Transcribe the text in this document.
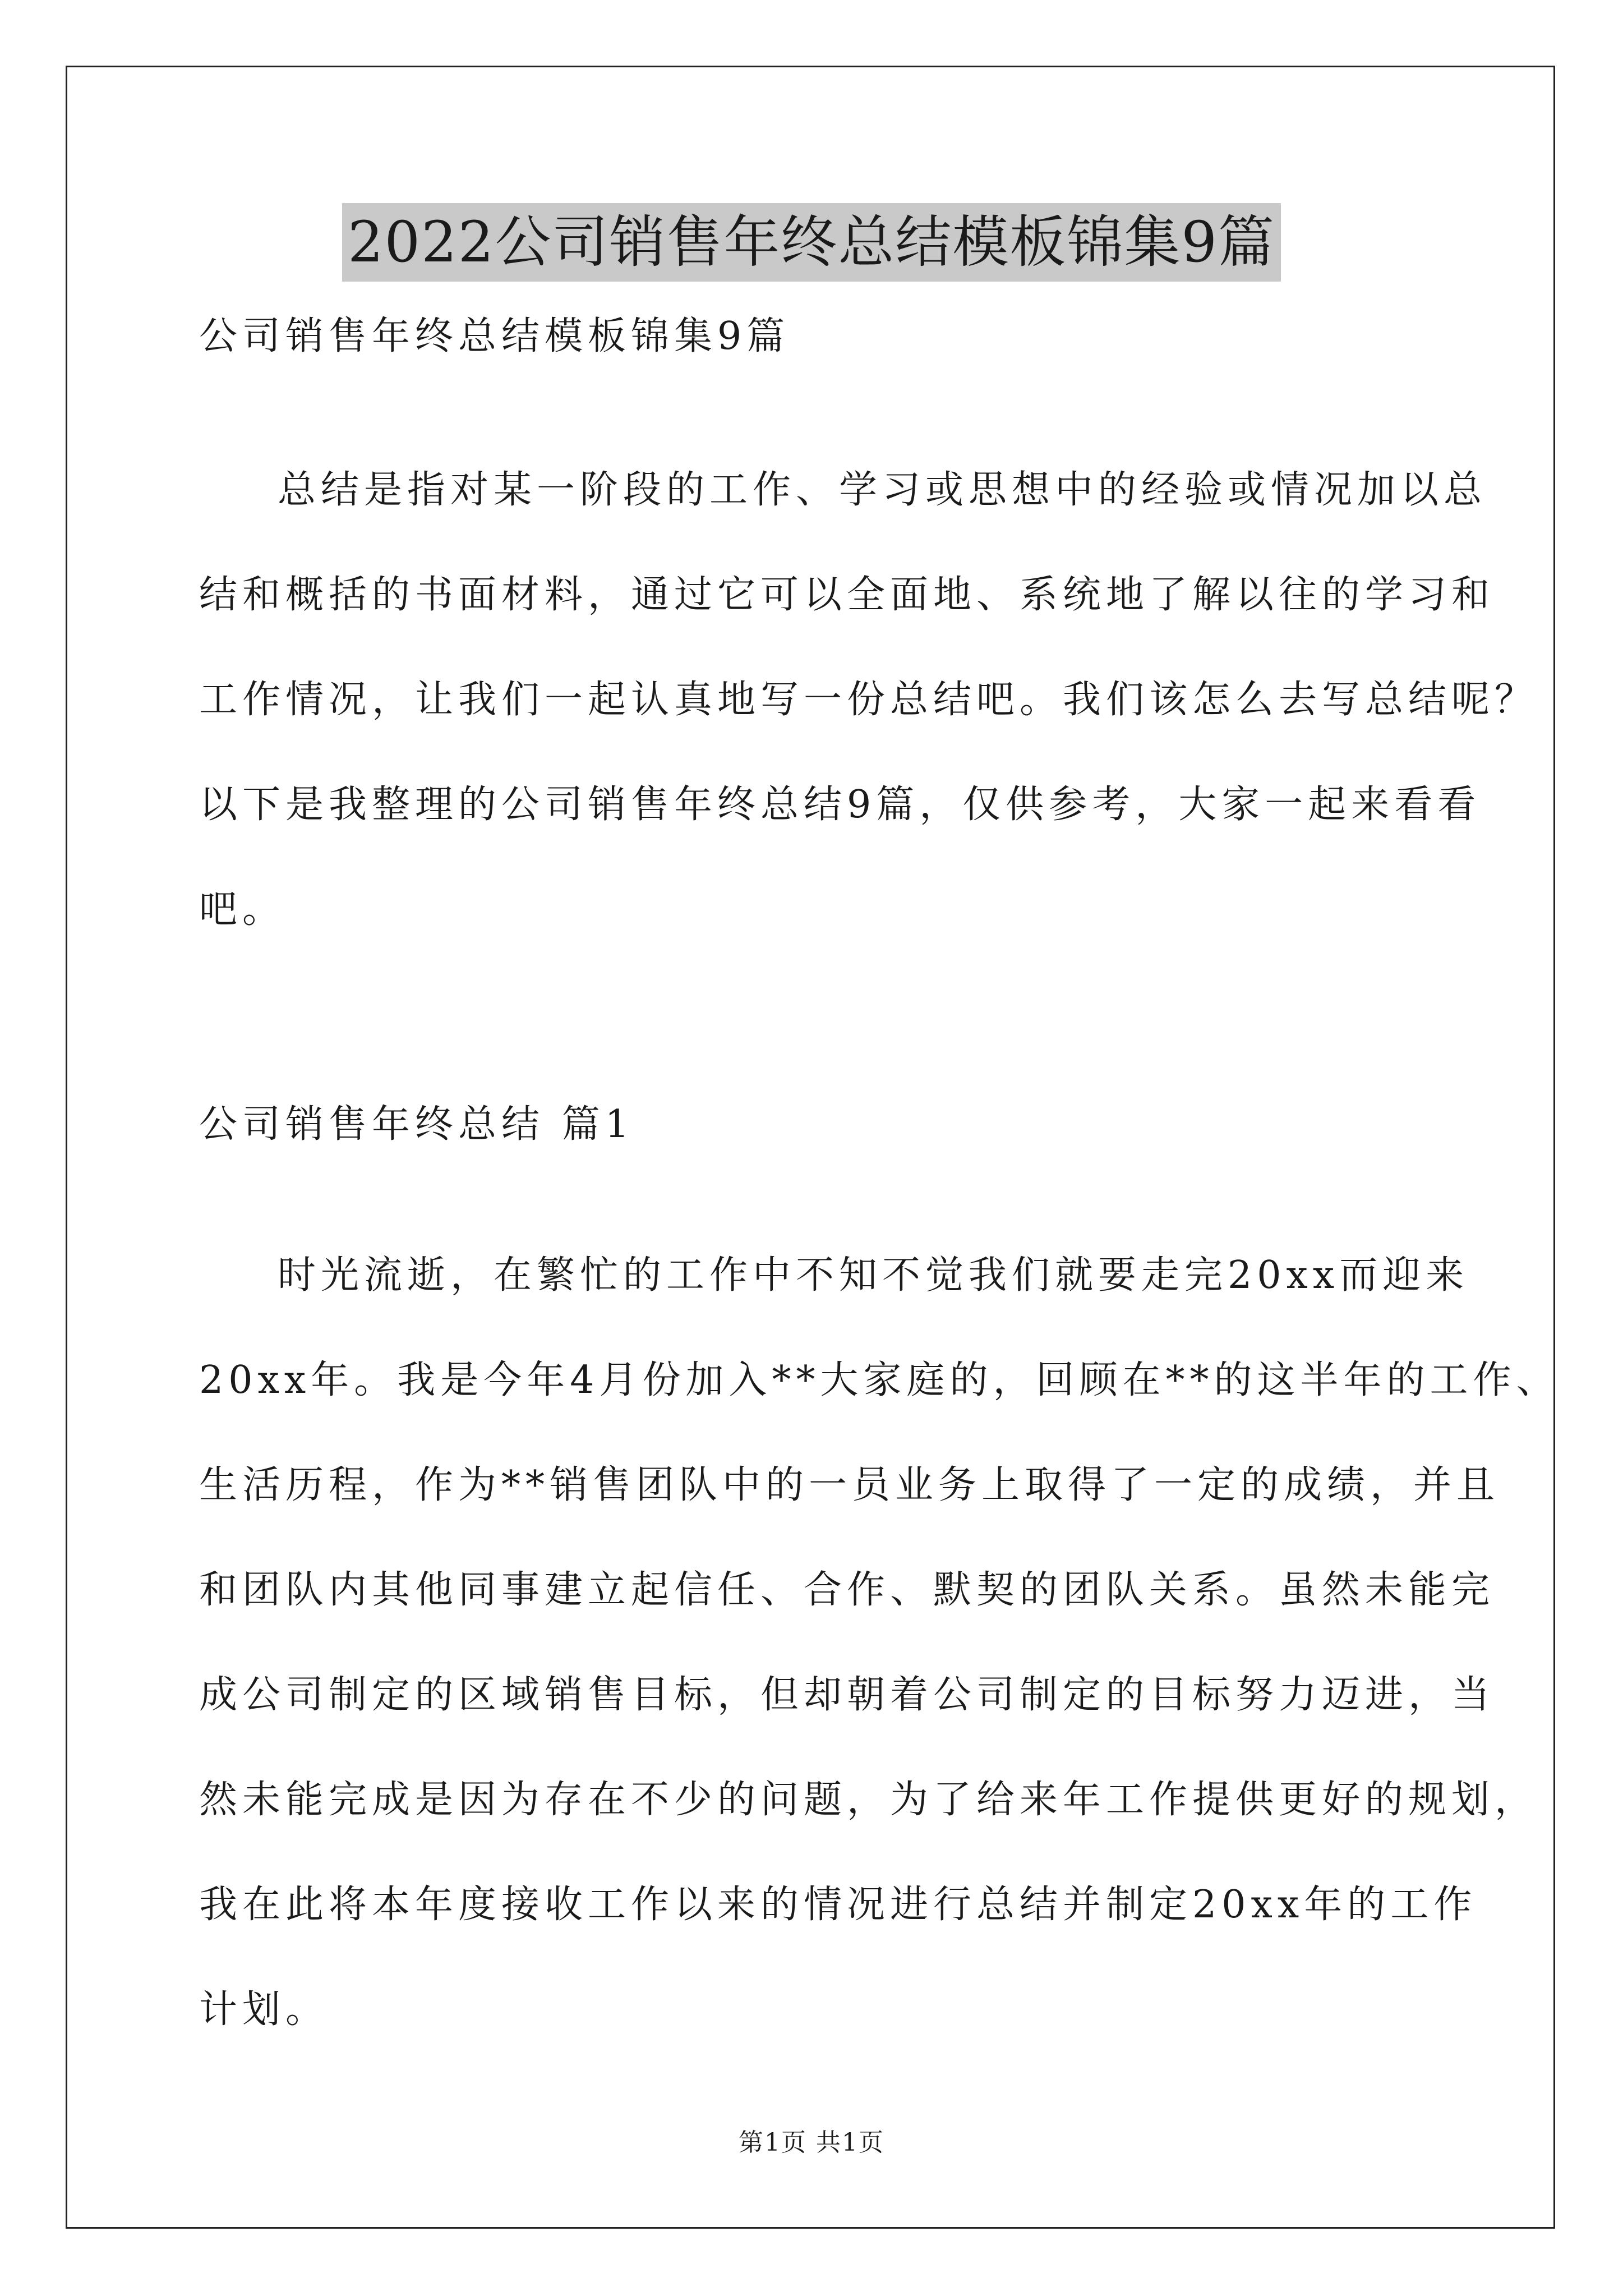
2022公司销售年终总结模板锦集9篇
公司销售年终总结模板锦集9篇
总结是指对某一阶段的工作、学习或思想中的经验或情况加以总
结和概括的书面材料，通过它可以全面地、系统地了解以往的学习和
工作情况，让我们一起认真地写一份总结吧。我们该怎么去写总结呢？
以下是我整理的公司销售年终总结9篇，仅供参考，大家一起来看看
吧。
公司销售年终总结 篇1
时光流逝，在繁忙的工作中不知不觉我们就要走完20xx而迎来
20xx年。我是今年4月份加入**大家庭的，回顾在**的这半年的工作、
生活历程，作为**销售团队中的一员业务上取得了一定的成绩，并且
和团队内其他同事建立起信任、合作、默契的团队关系。虽然未能完
成公司制定的区域销售目标，但却朝着公司制定的目标努力迈进，当
然未能完成是因为存在不少的问题，为了给来年工作提供更好的规划，
我在此将本年度接收工作以来的情况进行总结并制定20xx年的工作
计划。
第1页 共1页
